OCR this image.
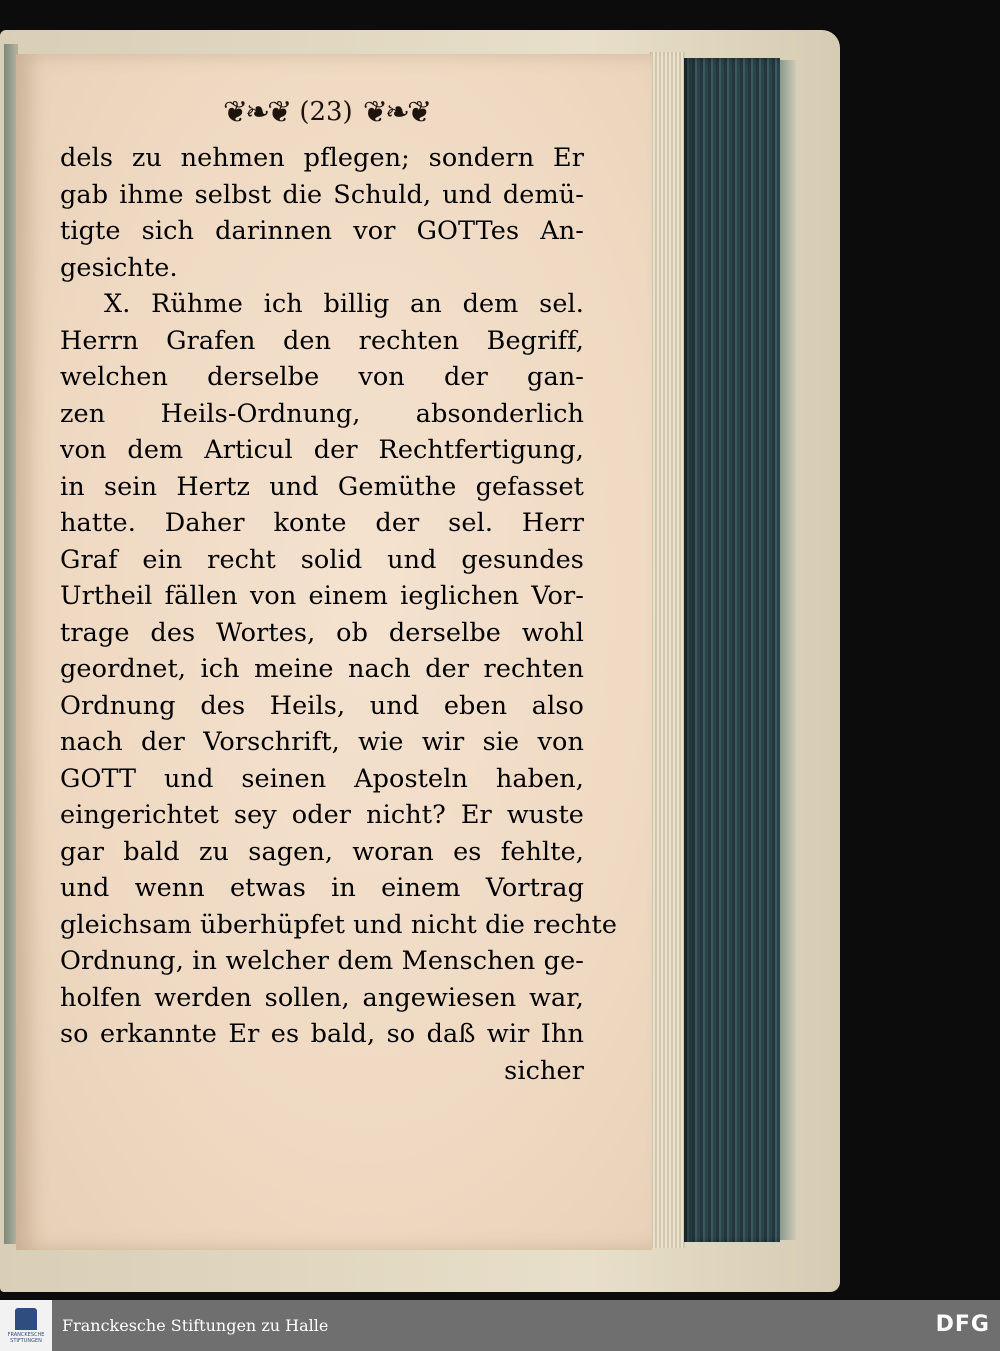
❦❧❦ (23) ❦❧❦
dels zu nehmen pflegen; sondern Er
gab ihme selbst die Schuld, und demü-
tigte sich darinnen vor GOTTes An-
gesichte.
X. Rühme ich billig an dem sel.
Herrn Grafen den rechten Begriff,
welchen derselbe von der gan-
zen Heils-Ordnung, absonderlich
von dem Articul der Rechtfertigung,
in sein Hertz und Gemüthe gefasset
hatte. Daher konte der sel. Herr
Graf ein recht solid und gesundes
Urtheil fällen von einem ieglichen Vor-
trage des Wortes, ob derselbe wohl
geordnet, ich meine nach der rechten
Ordnung des Heils, und eben also
nach der Vorschrift, wie wir sie von
GOTT und seinen Aposteln haben,
eingerichtet sey oder nicht? Er wuste
gar bald zu sagen, woran es fehlte,
und wenn etwas in einem Vortrag
gleichsam überhüpfet und nicht die rechte
Ordnung, in welcher dem Menschen ge-
holfen werden sollen, angewiesen war,
so erkannte Er es bald, so daß wir Ihn
sicher
FRANCKESCHE STIFTUNGEN
Franckesche Stiftungen zu Halle	DFG
